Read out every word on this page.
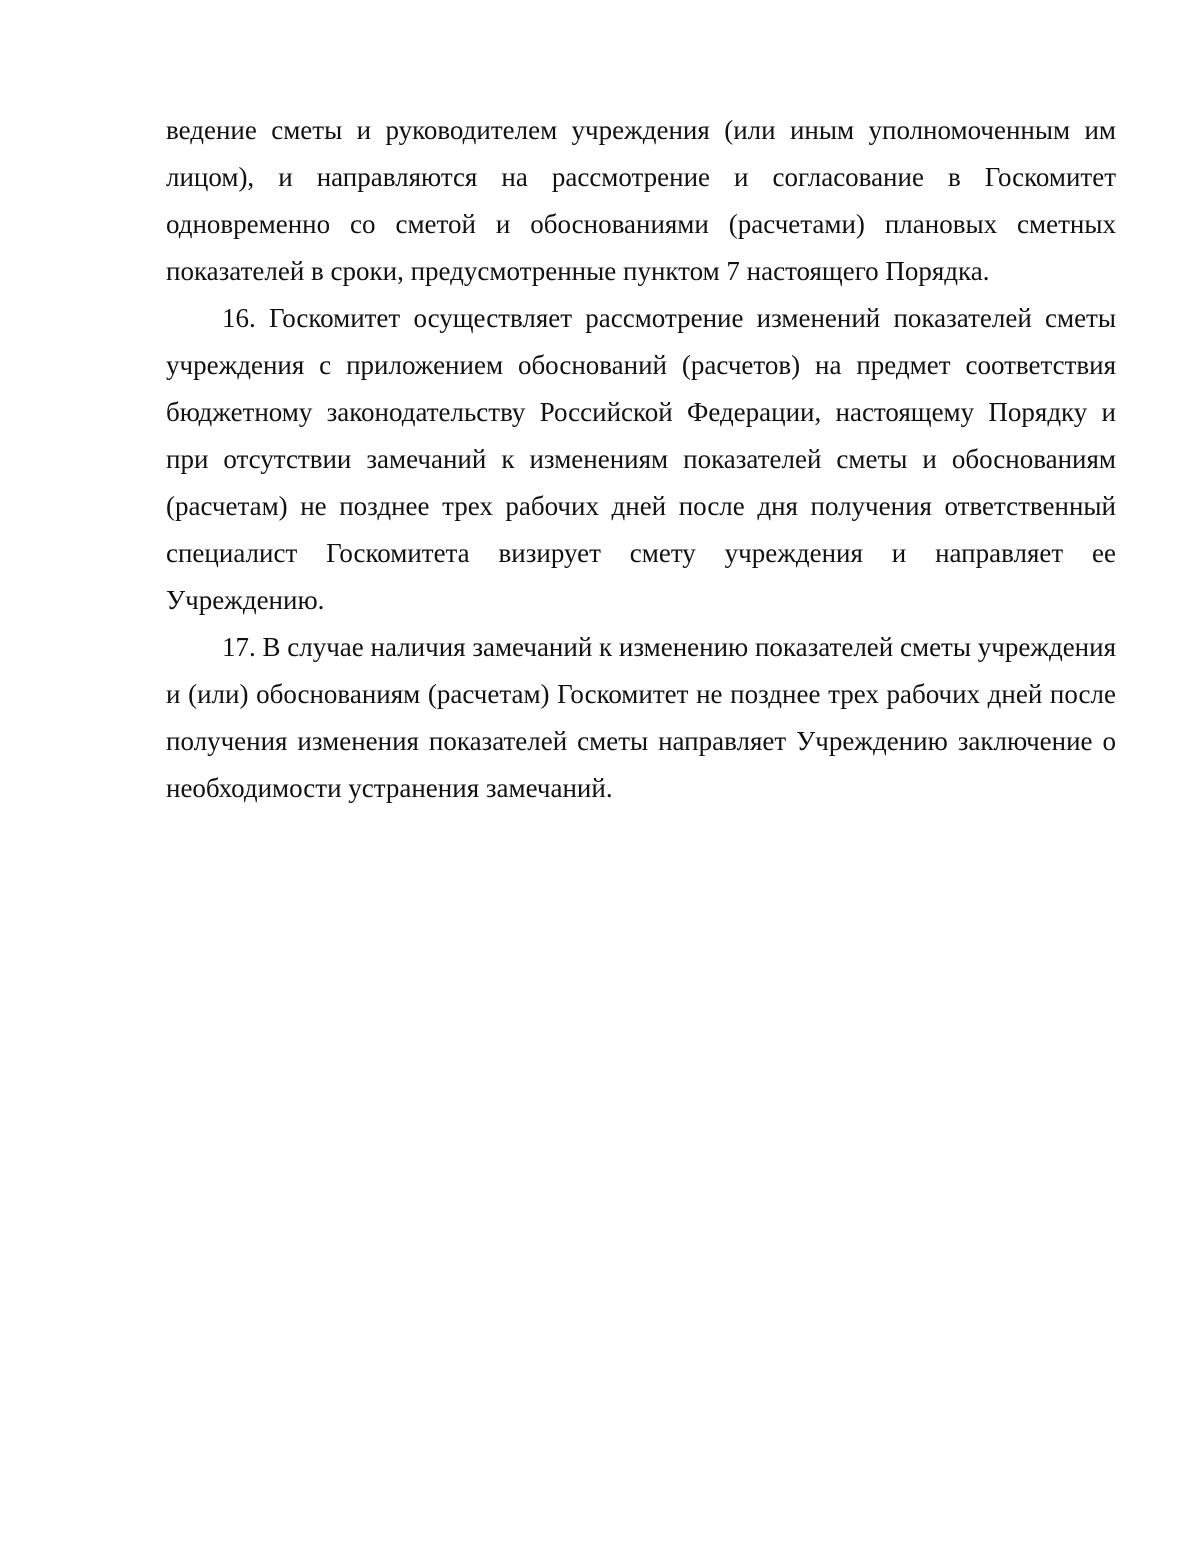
ведение сметы и руководителем учреждения (или иным уполномоченным им лицом), и направляются на рассмотрение и согласование в Госкомитет одновременно со сметой и обоснованиями (расчетами) плановых сметных показателей в сроки, предусмотренные пунктом 7 настоящего Порядка.

16. Госкомитет осуществляет рассмотрение изменений показателей сметы учреждения с приложением обоснований (расчетов) на предмет соответствия бюджетному законодательству Российской Федерации, настоящему Порядку и при отсутствии замечаний к изменениям показателей сметы и обоснованиям (расчетам) не позднее трех рабочих дней после дня получения ответственный специалист Госкомитета визирует смету учреждения и направляет ее Учреждению.

17. В случае наличия замечаний к изменению показателей сметы учреждения и (или) обоснованиям (расчетам) Госкомитет не позднее трех рабочих дней после получения изменения показателей сметы направляет Учреждению заключение о необходимости устранения замечаний.
